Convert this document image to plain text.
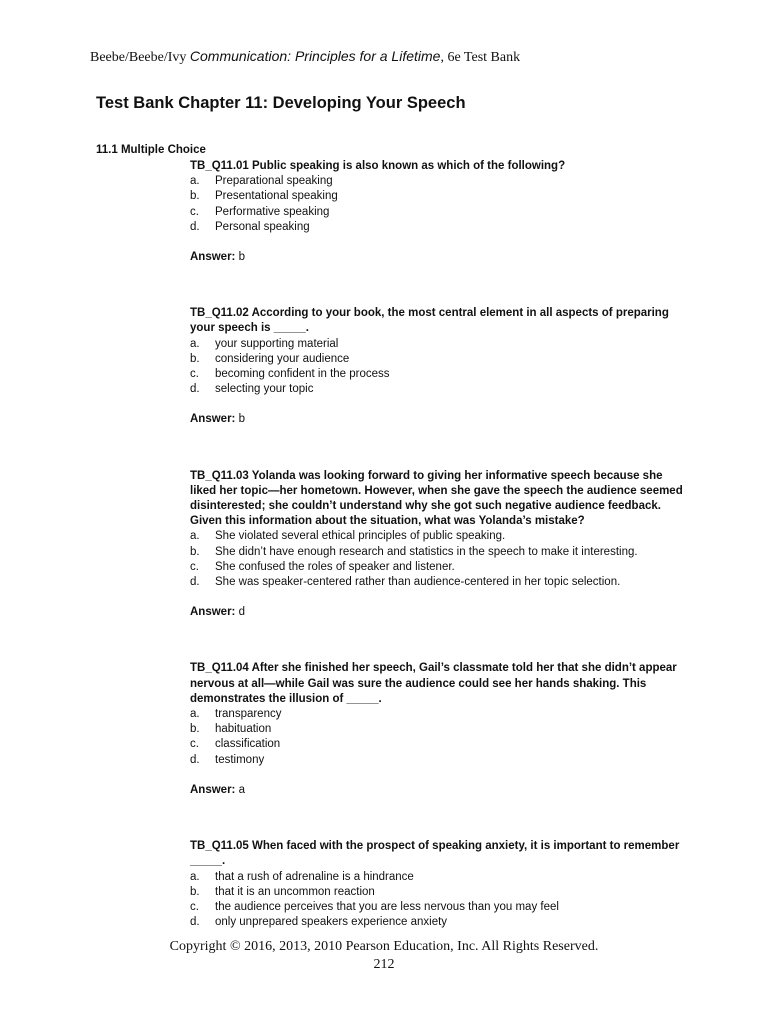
Beebe/Beebe/Ivy Communication: Principles for a Lifetime, 6e Test Bank
Test Bank Chapter 11: Developing Your Speech
11.1 Multiple Choice

TB_Q11.01 Public speaking is also known as which of the following?

a.	Preparational speaking
b.	Presentational speaking
c.	Performative speaking
d.	Personal speaking
Answer: b

TB_Q11.02 According to your book, the most central element in all aspects of preparing your speech is _____.

a.	your supporting material
b.	considering your audience
c.	becoming confident in the process
d.	selecting your topic
Answer: b

TB_Q11.03 Yolanda was looking forward to giving her informative speech because she liked her topic—her hometown. However, when she gave the speech the audience seemed disinterested; she couldn’t understand why she got such negative audience feedback. Given this information about the situation, what was Yolanda’s mistake?

a.	She violated several ethical principles of public speaking.
b.	She didn’t have enough research and statistics in the speech to make it interesting.
c.	She confused the roles of speaker and listener.
d.	She was speaker-centered rather than audience-centered in her topic selection.
Answer: d

TB_Q11.04 After she finished her speech, Gail’s classmate told her that she didn’t appear nervous at all—while Gail was sure the audience could see her hands shaking. This demonstrates the illusion of _____.

a.	transparency
b.	habituation
c.	classification
d.	testimony
Answer: a

TB_Q11.05 When faced with the prospect of speaking anxiety, it is important to remember _____.

a.	that a rush of adrenaline is a hindrance
b.	that it is an uncommon reaction
c.	the audience perceives that you are less nervous than you may feel
d.	only unprepared speakers experience anxiety
Copyright © 2016, 2013, 2010 Pearson Education, Inc. All Rights Reserved.
212
